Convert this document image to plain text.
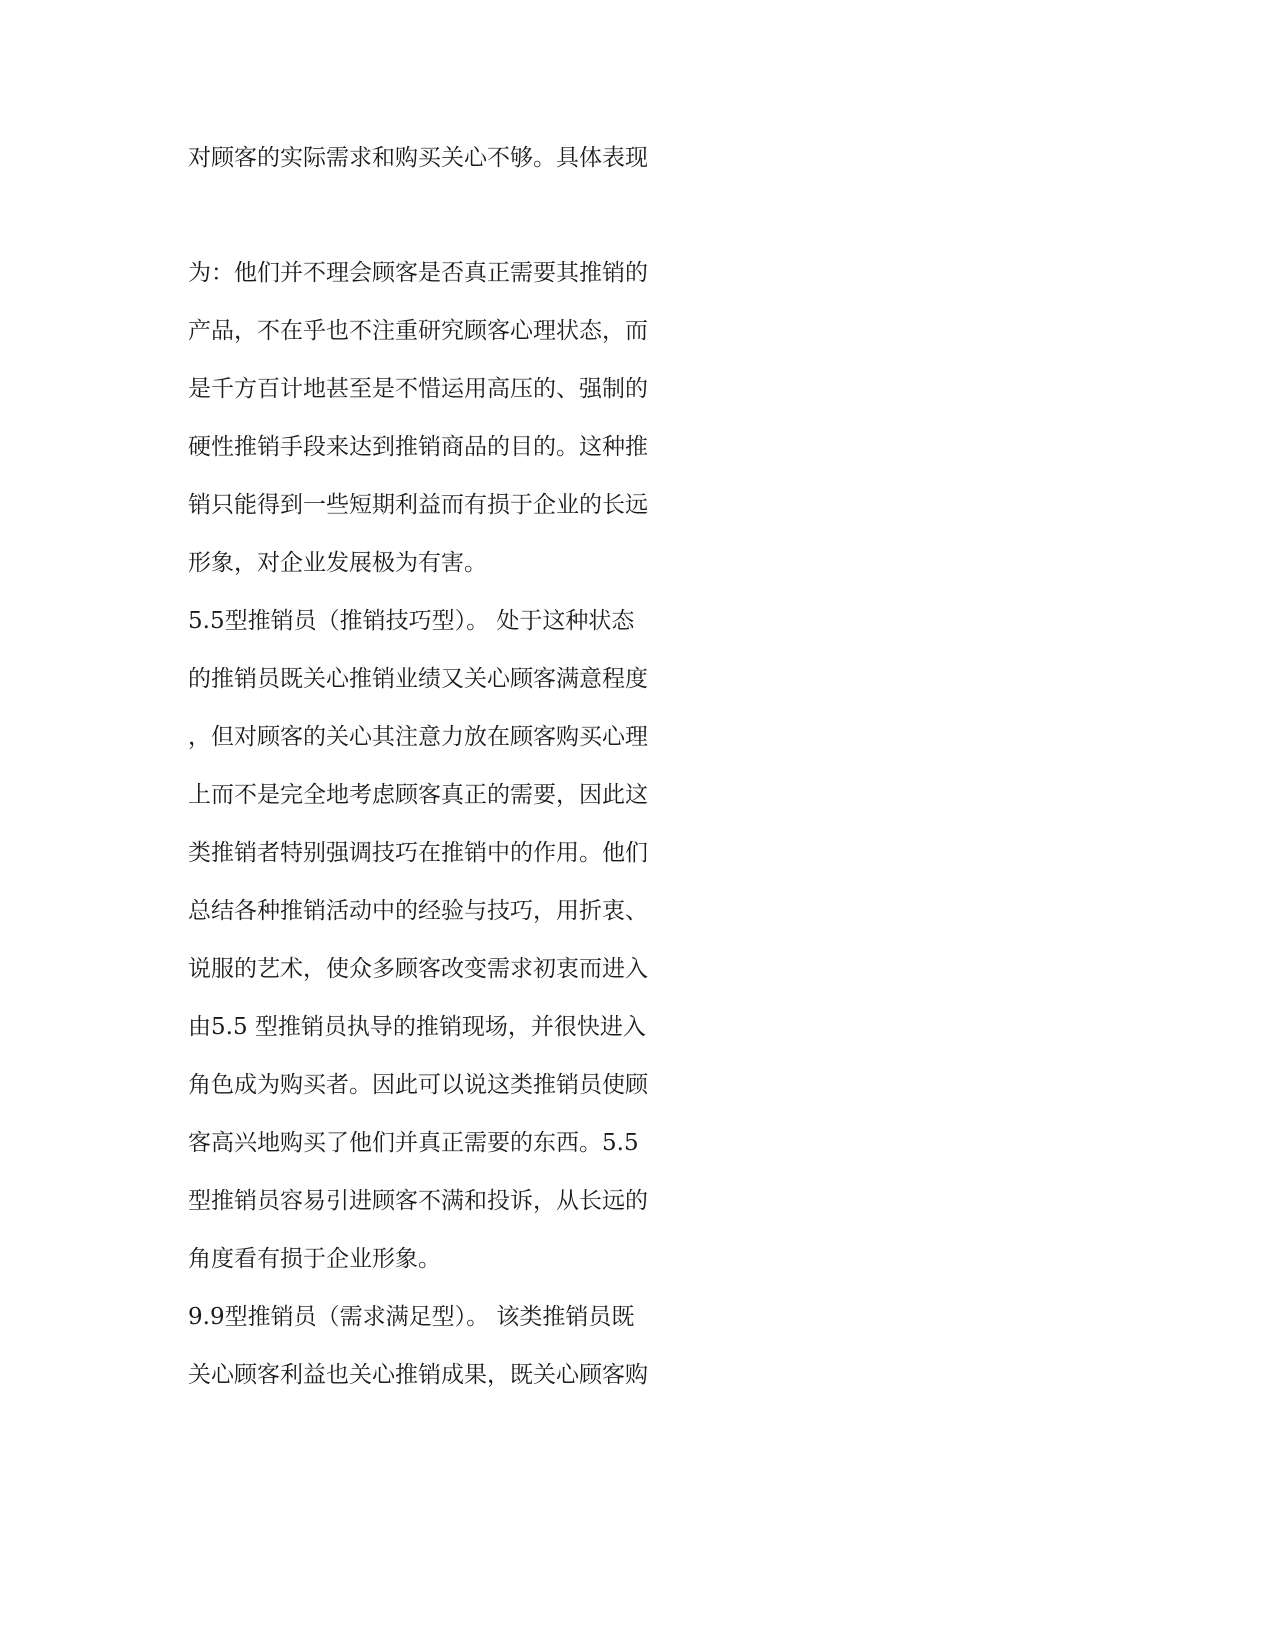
对顾客的实际需求和购买关心不够。具体表现
为：他们并不理会顾客是否真正需要其推销的
产品，不在乎也不注重研究顾客心理状态，而
是千方百计地甚至是不惜运用高压的、强制的
硬性推销手段来达到推销商品的目的。这种推
销只能得到一些短期利益而有损于企业的长远
形象，对企业发展极为有害。
5.5型推销员（推销技巧型）。 处于这种状态
的推销员既关心推销业绩又关心顾客满意程度
，但对顾客的关心其注意力放在顾客购买心理
上而不是完全地考虑顾客真正的需要，因此这
类推销者特别强调技巧在推销中的作用。他们
总结各种推销活动中的经验与技巧，用折衷、
说服的艺术，使众多顾客改变需求初衷而进入
由5.5 型推销员执导的推销现场，并很快进入
角色成为购买者。因此可以说这类推销员使顾
客高兴地购买了他们并真正需要的东西。5.5
型推销员容易引进顾客不满和投诉，从长远的
角度看有损于企业形象。
9.9型推销员（需求满足型）。 该类推销员既
关心顾客利益也关心推销成果，既关心顾客购
